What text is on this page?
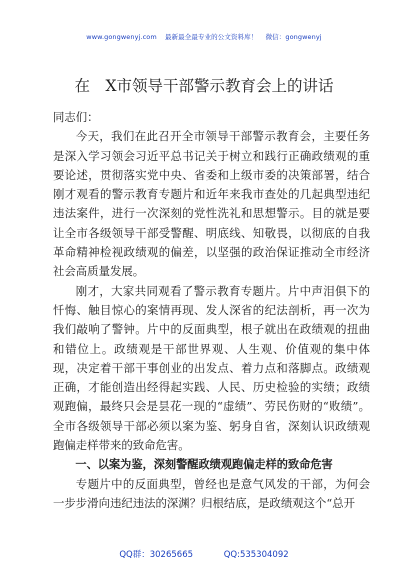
www.gongwenyj.com 最新最全最专业的公文资料库！ 微信：gongwenyj
在　X市领导干部警示教育会上的讲话

同志们：

今天，我们在此召开全市领导干部警示教育会，主要任务是深入学习领会习近平总书记关于树立和践行正确政绩观的重要论述，贯彻落实党中央、省委和上级市委的决策部署，结合刚才观看的警示教育专题片和近年来我市查处的几起典型违纪违法案件，进行一次深刻的党性洗礼和思想警示。目的就是要让全市各级领导干部受警醒、明底线、知敬畏，以彻底的自我革命精神检视政绩观的偏差，以坚强的政治保证推动全市经济社会高质量发展。

刚才，大家共同观看了警示教育专题片。片中声泪俱下的忏悔、触目惊心的案情再现、发人深省的纪法剖析，再一次为我们敲响了警钟。片中的反面典型，根子就出在政绩观的扭曲和错位上。政绩观是干部世界观、人生观、价值观的集中体现，决定着干部干事创业的出发点、着力点和落脚点。政绩观正确，才能创造出经得起实践、人民、历史检验的实绩；政绩观跑偏，最终只会是昙花一现的“虚绩”、劳民伤财的“败绩”。全市各级领导干部必须以案为鉴、躬身自省，深刻认识政绩观跑偏走样带来的致命危害。

一、以案为鉴，深刻警醒政绩观跑偏走样的致命危害

专题片中的反面典型，曾经也是意气风发的干部，为何会一步步滑向违纪违法的深渊？归根结底，是政绩观这个“总开

QQ群：30265665	QQ:535304092
